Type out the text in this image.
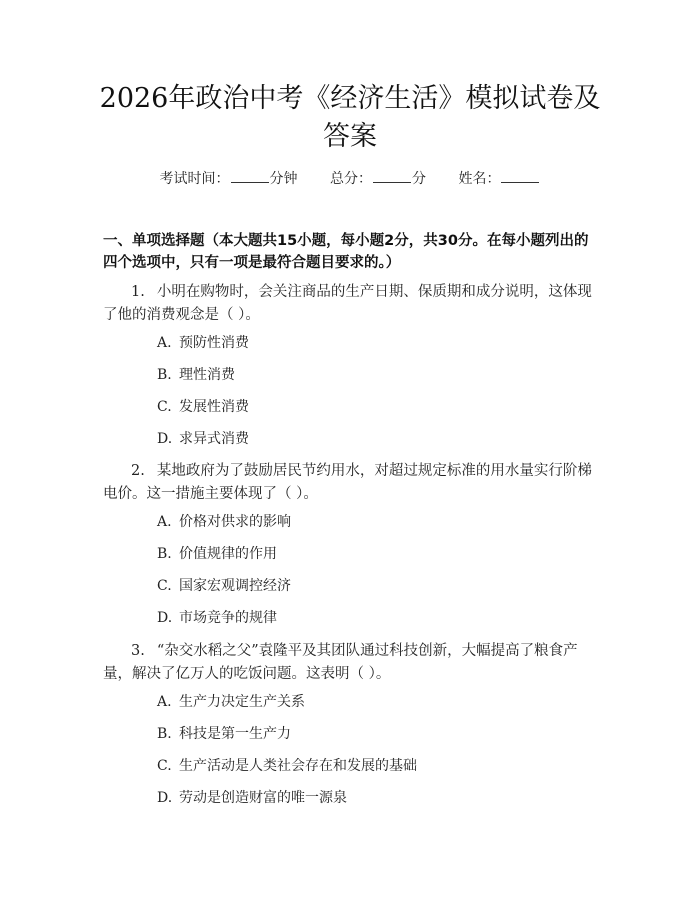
2026年政治中考《经济生活》模拟试卷及答案
考试时间：	分钟 总分：	分 姓名：
一、单项选择题（本大题共15小题，每小题2分，共30分。在每小题列出的四个选项中，只有一项是最符合题目要求的。）
1. 小明在购物时，会关注商品的生产日期、保质期和成分说明，这体现了他的消费观念是（ ）。
A. 预防性消费
B. 理性消费
C. 发展性消费
D. 求异式消费
2. 某地政府为了鼓励居民节约用水，对超过规定标准的用水量实行阶梯电价。这一措施主要体现了（ ）。
A. 价格对供求的影响
B. 价值规律的作用
C. 国家宏观调控经济
D. 市场竞争的规律
3. “杂交水稻之父”袁隆平及其团队通过科技创新，大幅提高了粮食产量，解决了亿万人的吃饭问题。这表明（ ）。
A. 生产力决定生产关系
B. 科技是第一生产力
C. 生产活动是人类社会存在和发展的基础
D. 劳动是创造财富的唯一源泉
